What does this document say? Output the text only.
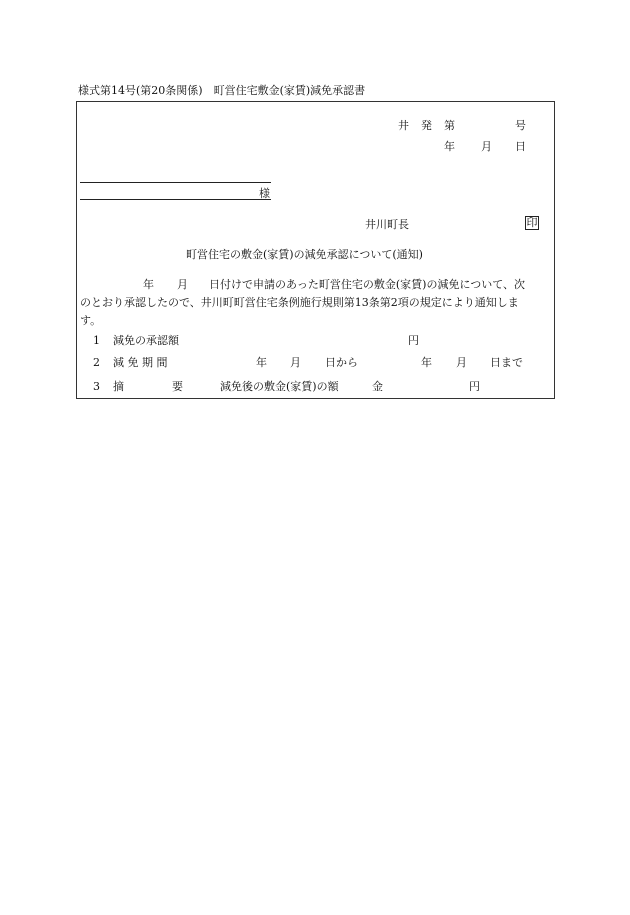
様式第14号(第20条関係)　町営住宅敷金(家賃)減免承認書
井 発 第	号
年 月 日
様
井川町長	印
町営住宅の敷金(家賃)の減免承認について(通知)
年 月 日付けで申請のあった町営住宅の敷金(家賃)の減免について、次
のとおり承認したので、井川町町営住宅条例施行規則第13条第2項の規定により通知しま
す。
1 減免の承認額	円
2 減 免 期 間	年 月 日から	年 月 日まで
3 摘	要	減免後の敷金(家賃)の額	金	円
